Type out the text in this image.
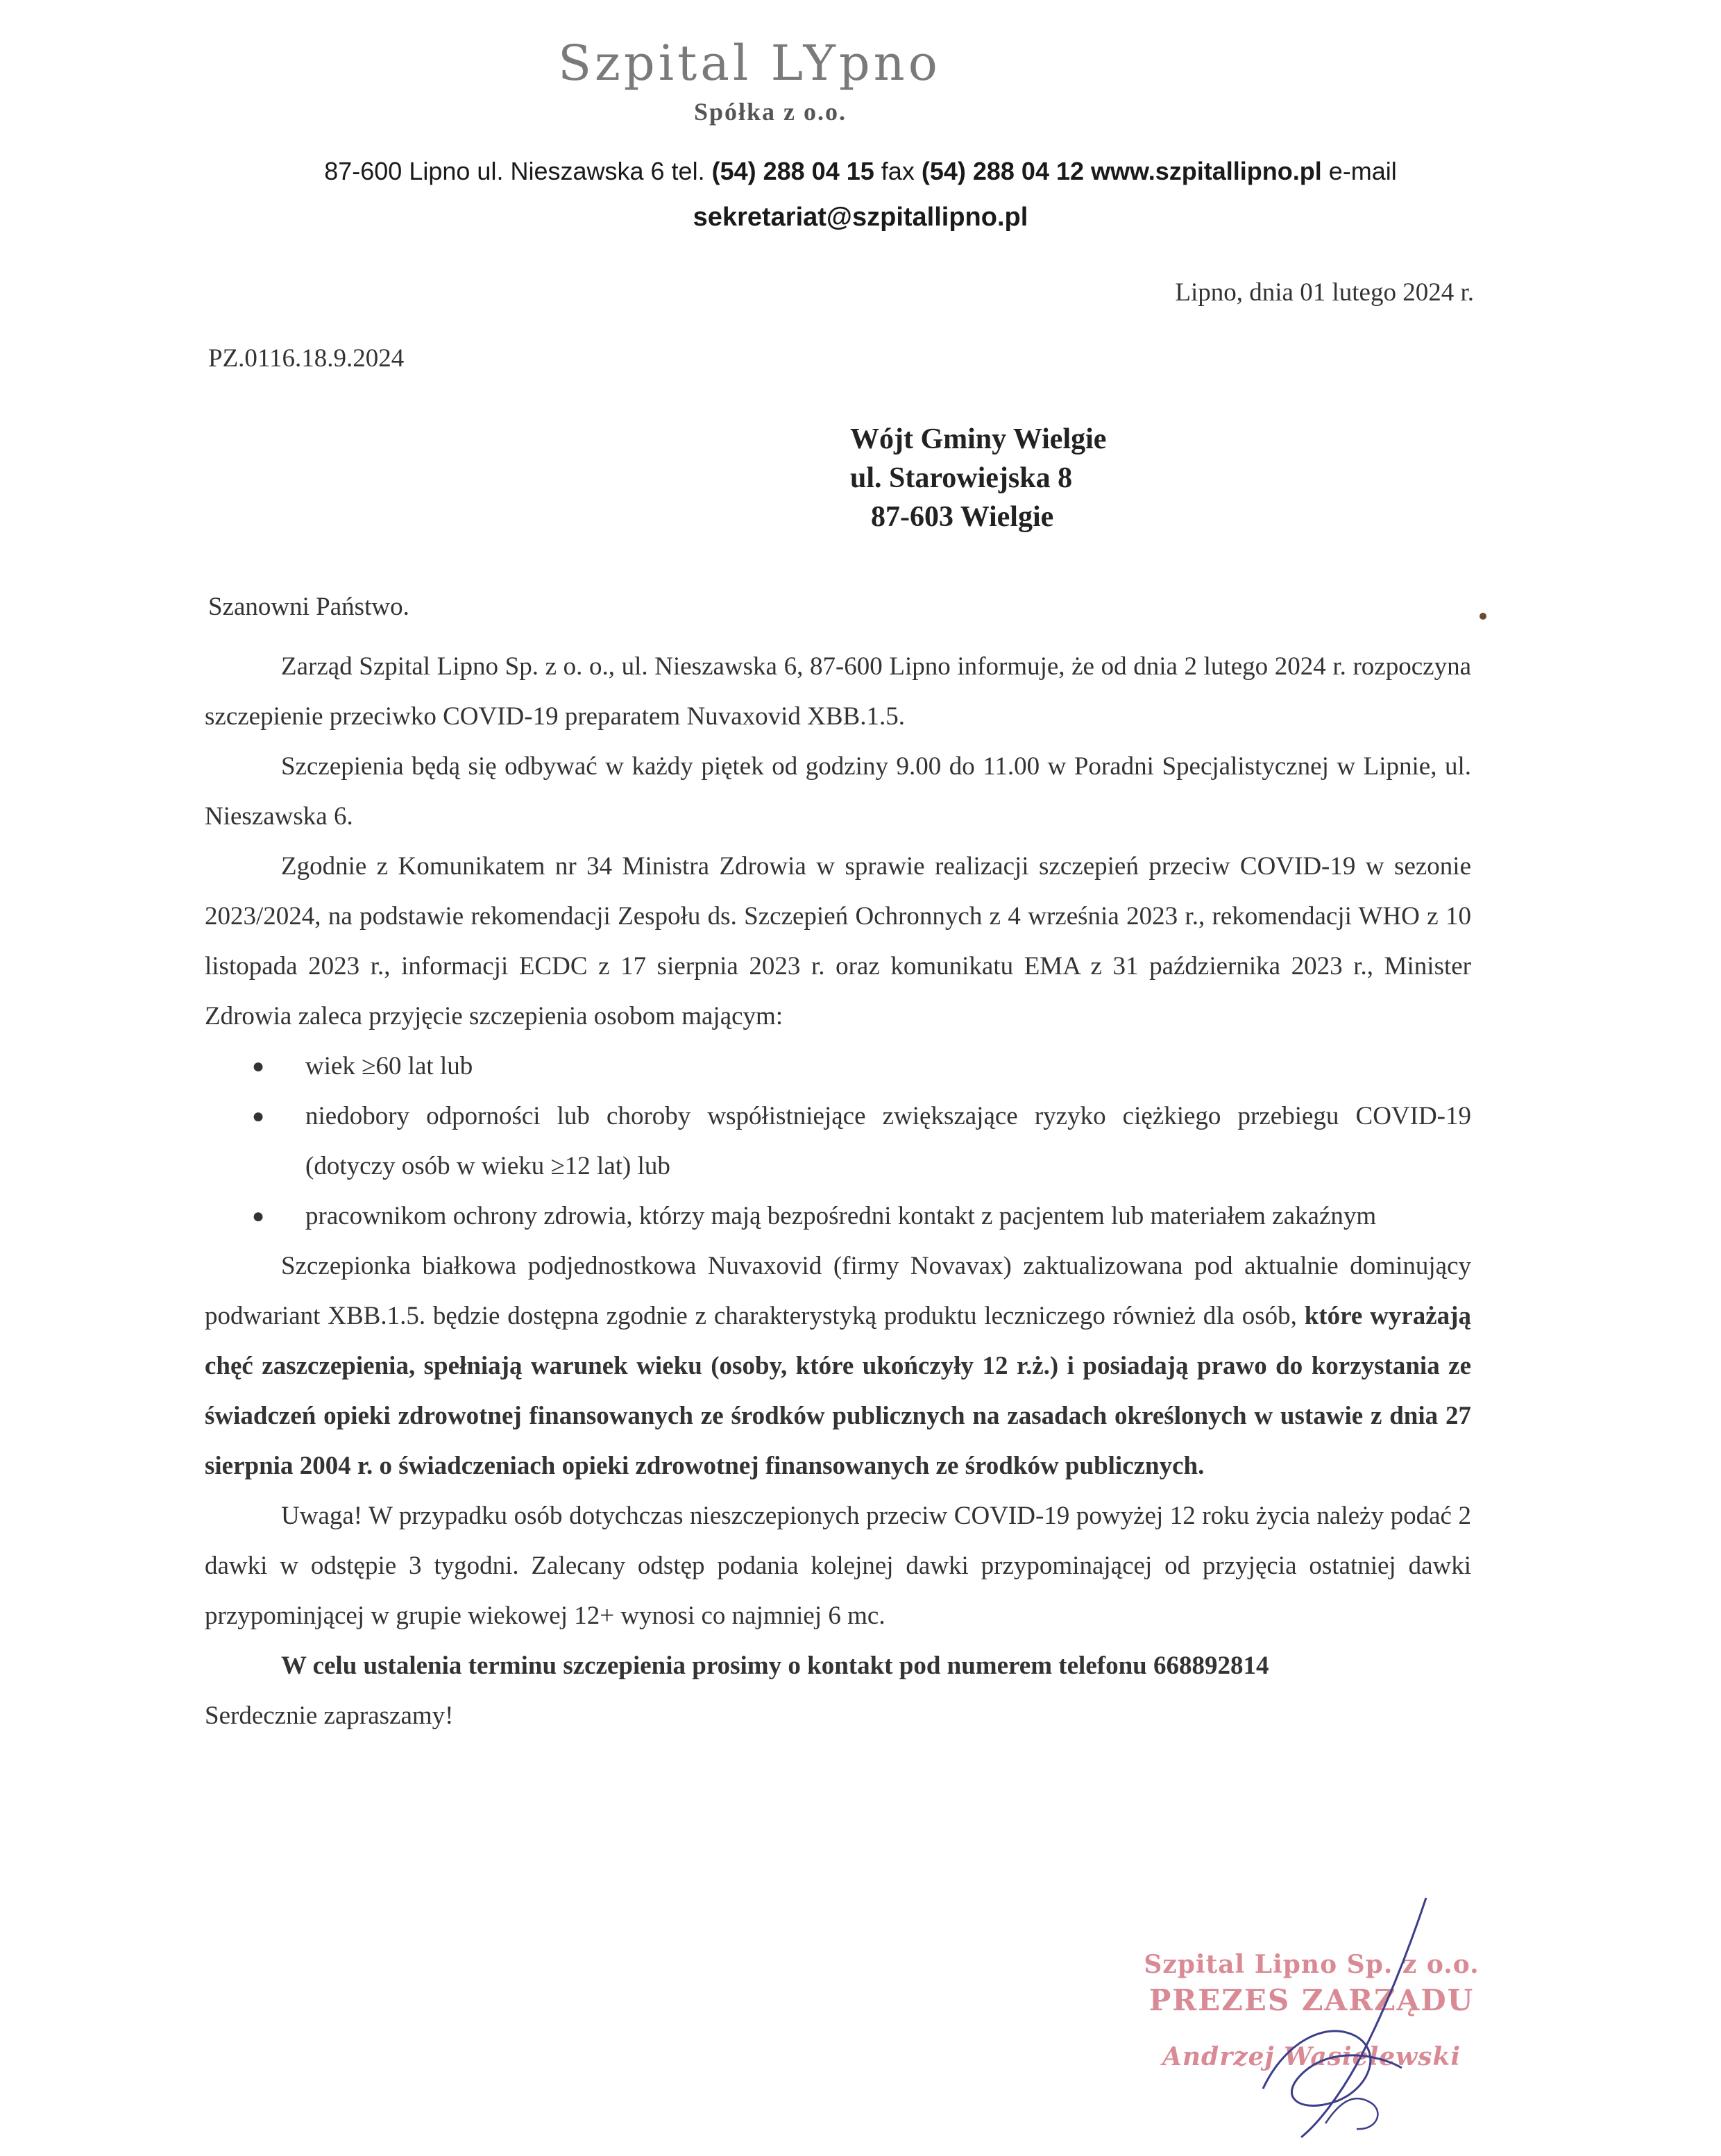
Szpital LYpno
Spółka z o.o.
87-600 Lipno ul. Nieszawska 6 tel. (54) 288 04 15 fax (54) 288 04 12 www.szpitallipno.pl e-mail
sekretariat@szpitallipno.pl
Lipno, dnia 01 lutego 2024 r.
PZ.0116.18.9.2024
Wójt Gminy Wielgie
ul. Starowiejska 8
87-603 Wielgie
Szanowni Państwo.

Zarząd Szpital Lipno Sp. z o. o., ul. Nieszawska 6, 87-600 Lipno informuje, że od dnia 2 lutego 2024 r. rozpoczyna szczepienie przeciwko COVID-19 preparatem Nuvaxovid XBB.1.5.

Szczepienia będą się odbywać w każdy piętek od godziny 9.00 do 11.00 w Poradni Specjalistycznej w Lipnie, ul. Nieszawska 6.

Zgodnie z Komunikatem nr 34 Ministra Zdrowia w sprawie realizacji szczepień przeciw COVID-19 w sezonie 2023/2024, na podstawie rekomendacji Zespołu ds. Szczepień Ochronnych z 4 września 2023 r., rekomendacji WHO z 10 listopada 2023 r., informacji ECDC z 17 sierpnia 2023 r. oraz komunikatu EMA z 31 października 2023 r., Minister Zdrowia zaleca przyjęcie szczepienia osobom mającym:

● wiek ≥60 lat lub
● niedobory odporności lub choroby współistniejące zwiększające ryzyko ciężkiego przebiegu COVID-19 (dotyczy osób w wieku ≥12 lat) lub
● pracownikom ochrony zdrowia, którzy mają bezpośredni kontakt z pacjentem lub materiałem zakaźnym

Szczepionka białkowa podjednostkowa Nuvaxovid (firmy Novavax) zaktualizowana pod aktualnie dominujący podwariant XBB.1.5. będzie dostępna zgodnie z charakterystyką produktu leczniczego również dla osób, które wyrażają chęć zaszczepienia, spełniają warunek wieku (osoby, które ukończyły 12 r.ż.) i posiadają prawo do korzystania ze świadczeń opieki zdrowotnej finansowanych ze środków publicznych na zasadach określonych w ustawie z dnia 27 sierpnia 2004 r. o świadczeniach opieki zdrowotnej finansowanych ze środków publicznych.

Uwaga! W przypadku osób dotychczas nieszczepionych przeciw COVID-19 powyżej 12 roku życia należy podać 2 dawki w odstępie 3 tygodni. Zalecany odstęp podania kolejnej dawki przypominającej od przyjęcia ostatniej dawki przypominjącej w grupie wiekowej 12+ wynosi co najmniej 6 mc.

W celu ustalenia terminu szczepienia prosimy o kontakt pod numerem telefonu 668892814

Serdecznie zapraszamy!

Szpital Lipno Sp. z o.o.
PREZES ZARZĄDU
Andrzej Wasielewski
